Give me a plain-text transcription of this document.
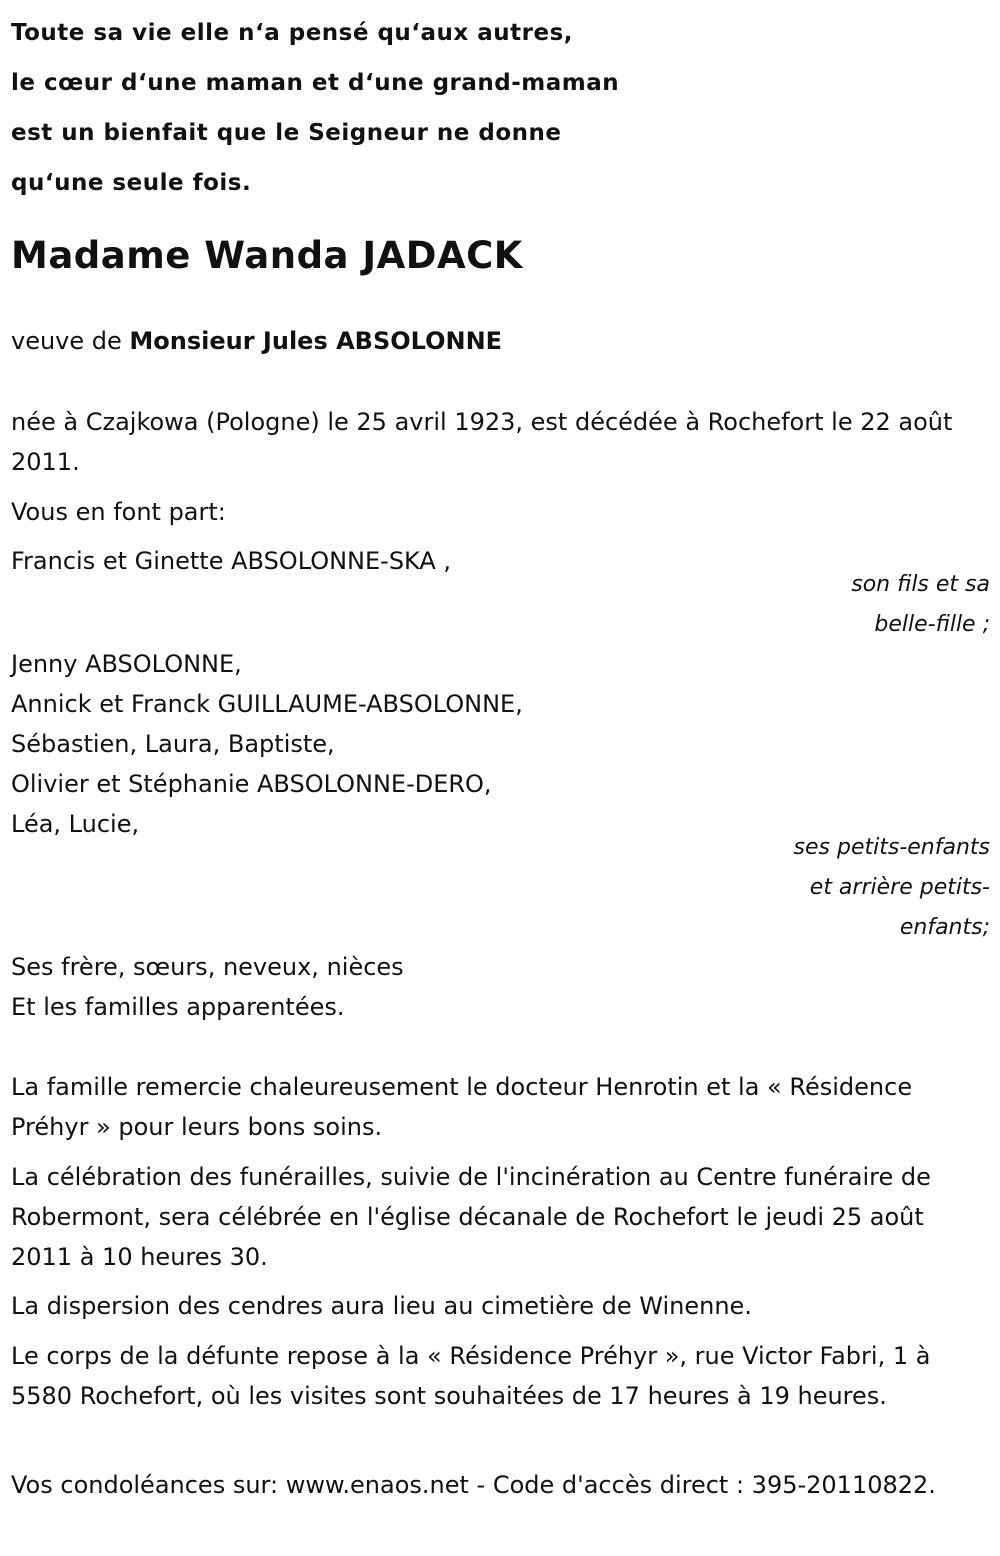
Toute sa vie elle n‘a pensé qu‘aux autres,
le cœur d‘une maman et d‘une grand-maman
est un bienfait que le Seigneur ne donne
qu‘une seule fois.
Madame Wanda JADACK
veuve de Monsieur Jules ABSOLONNE
née à Czajkowa (Pologne) le 25 avril 1923, est décédée à Rochefort le 22 août 2011.
Vous en font part:
Francis et Ginette ABSOLONNE-SKA ,
son fils et sa
belle-fille ;
Jenny ABSOLONNE,
Annick et Franck GUILLAUME-ABSOLONNE,
Sébastien, Laura, Baptiste,
Olivier et Stéphanie ABSOLONNE-DERO,
Léa, Lucie,
ses petits-enfants
et arrière petits-
enfants;
Ses frère, sœurs, neveux, nièces
Et les familles apparentées.
La famille remercie chaleureusement le docteur Henrotin et la « Résidence Préhyr » pour leurs bons soins.
La célébration des funérailles, suivie de l'incinération au Centre funéraire de Robermont, sera célébrée en l'église décanale de Rochefort le jeudi 25 août 2011 à 10 heures 30.
La dispersion des cendres aura lieu au cimetière de Winenne.
Le corps de la défunte repose à la « Résidence Préhyr », rue Victor Fabri, 1 à 5580 Rochefort, où les visites sont souhaitées de 17 heures à 19 heures.
Vos condoléances sur: www.enaos.net - Code d'accès direct : 395-20110822.
